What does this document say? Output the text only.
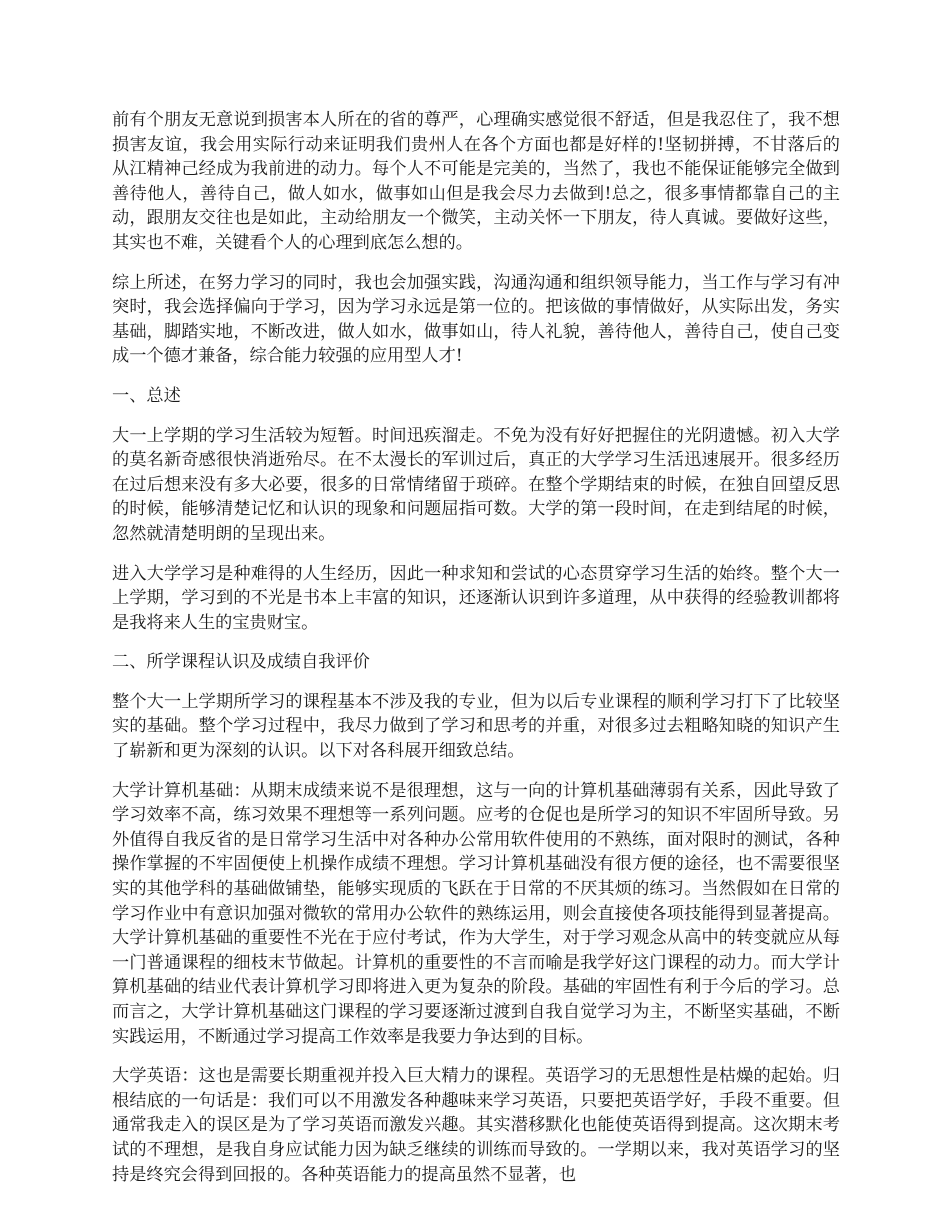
前有个朋友无意说到损害本人所在的省的尊严，心理确实感觉很不舒适，但是我忍住了，我不想损害友谊，我会用实际行动来证明我们贵州人在各个方面也都是好样的!坚韧拼搏，不甘落后的从江精神己经成为我前进的动力。每个人不可能是完美的，当然了，我也不能保证能够完全做到善待他人，善待自己，做人如水，做事如山但是我会尽力去做到!总之，很多事情都靠自己的主动，跟朋友交往也是如此，主动给朋友一个微笑，主动关怀一下朋友，待人真诚。要做好这些，其实也不难，关键看个人的心理到底怎么想的。

综上所述，在努力学习的同时，我也会加强实践，沟通沟通和组织领导能力，当工作与学习有冲突时，我会选择偏向于学习，因为学习永远是第一位的。把该做的事情做好，从实际出发，务实基础，脚踏实地，不断改进，做人如水，做事如山，待人礼貌，善待他人，善待自己，使自己变成一个德才兼备，综合能力较强的应用型人才!

一、总述

大一上学期的学习生活较为短暂。时间迅疾溜走。不免为没有好好把握住的光阴遗憾。初入大学的莫名新奇感很快消逝殆尽。在不太漫长的军训过后，真正的大学学习生活迅速展开。很多经历在过后想来没有多大必要，很多的日常情绪留于琐碎。在整个学期结束的时候，在独自回望反思的时候，能够清楚记忆和认识的现象和问题屈指可数。大学的第一段时间，在走到结尾的时候，忽然就清楚明朗的呈现出来。

进入大学学习是种难得的人生经历，因此一种求知和尝试的心态贯穿学习生活的始终。整个大一上学期，学习到的不光是书本上丰富的知识，还逐渐认识到许多道理，从中获得的经验教训都将是我将来人生的宝贵财宝。

二、所学课程认识及成绩自我评价

整个大一上学期所学习的课程基本不涉及我的专业，但为以后专业课程的顺利学习打下了比较坚实的基础。整个学习过程中，我尽力做到了学习和思考的并重，对很多过去粗略知晓的知识产生了崭新和更为深刻的认识。以下对各科展开细致总结。

大学计算机基础：从期末成绩来说不是很理想，这与一向的计算机基础薄弱有关系，因此导致了学习效率不高，练习效果不理想等一系列问题。应考的仓促也是所学习的知识不牢固所导致。另外值得自我反省的是日常学习生活中对各种办公常用软件使用的不熟练，面对限时的测试，各种操作掌握的不牢固便使上机操作成绩不理想。学习计算机基础没有很方便的途径，也不需要很坚实的其他学科的基础做铺垫，能够实现质的飞跃在于日常的不厌其烦的练习。当然假如在日常的学习作业中有意识加强对微软的常用办公软件的熟练运用，则会直接使各项技能得到显著提高。大学计算机基础的重要性不光在于应付考试，作为大学生，对于学习观念从高中的转变就应从每一门普通课程的细枝末节做起。计算机的重要性的不言而喻是我学好这门课程的动力。而大学计算机基础的结业代表计算机学习即将进入更为复杂的阶段。基础的牢固性有利于今后的学习。总而言之，大学计算机基础这门课程的学习要逐渐过渡到自我自觉学习为主，不断坚实基础，不断实践运用，不断通过学习提高工作效率是我要力争达到的目标。

大学英语：这也是需要长期重视并投入巨大精力的课程。英语学习的无思想性是枯燥的起始。归根结底的一句话是：我们可以不用激发各种趣味来学习英语，只要把英语学好，手段不重要。但通常我走入的误区是为了学习英语而激发兴趣。其实潜移默化也能使英语得到提高。这次期末考试的不理想，是我自身应试能力因为缺乏继续的训练而导致的。一学期以来，我对英语学习的坚持是终究会得到回报的。各种英语能力的提高虽然不显著，也
